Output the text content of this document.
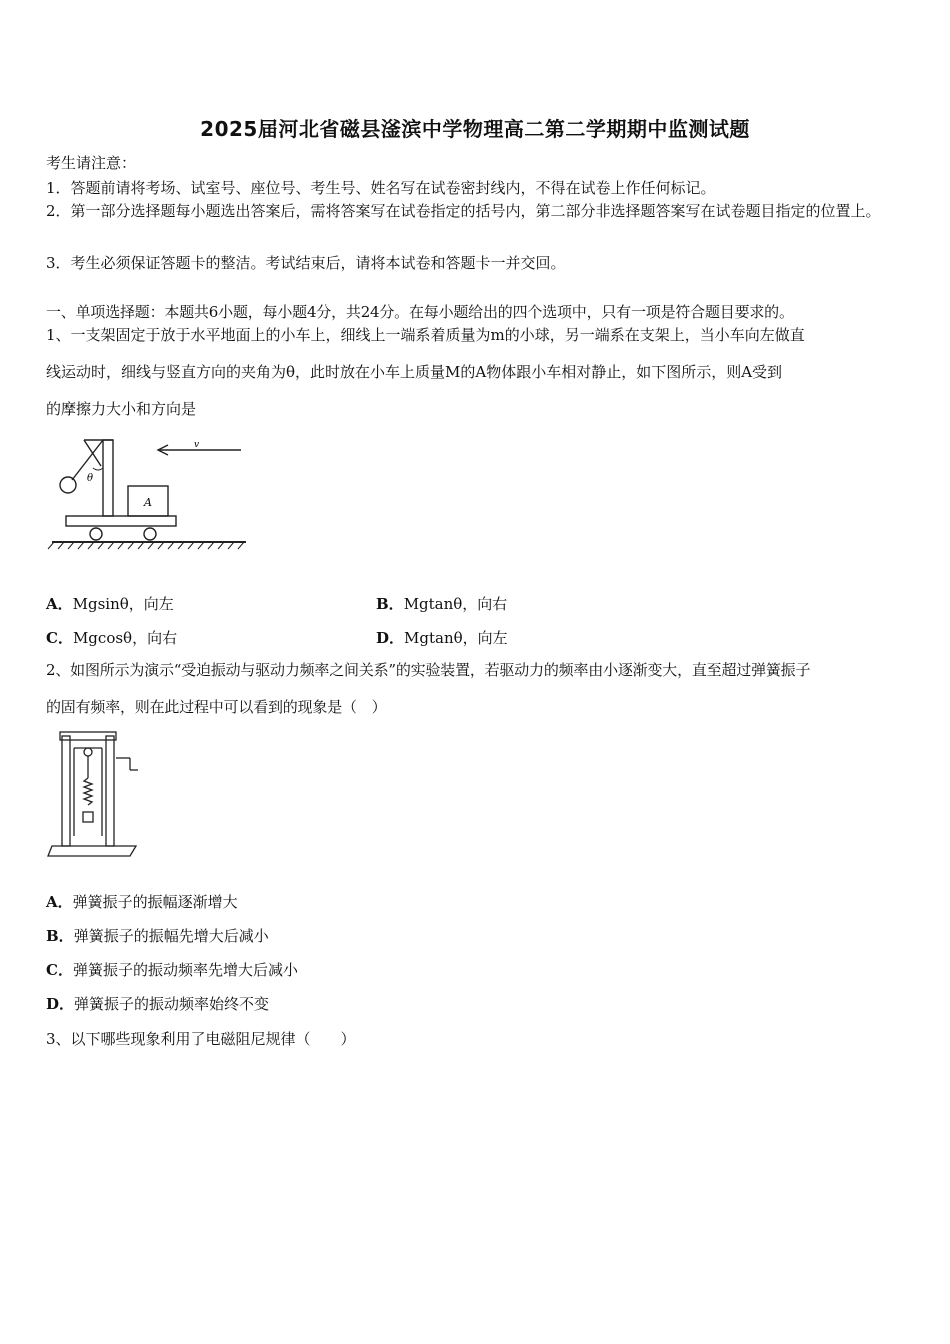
2025届河北省磁县滏滨中学物理高二第二学期期中监测试题
考生请注意：
1．答题前请将考场、试室号、座位号、考生号、姓名写在试卷密封线内，不得在试卷上作任何标记。
2．第一部分选择题每小题选出答案后，需将答案写在试卷指定的括号内，第二部分非选择题答案写在试卷题目指定的位置上。
3．考生必须保证答题卡的整洁。考试结束后，请将本试卷和答题卡一并交回。
一、单项选择题：本题共6小题，每小题4分，共24分。在每小题给出的四个选项中，只有一项是符合题目要求的。
1、一支架固定于放于水平地面上的小车上，细线上一端系着质量为m的小球，另一端系在支架上，当小车向左做直
线运动时，细线与竖直方向的夹角为θ，此时放在小车上质量M的A物体跟小车相对静止，如下图所示，则A受到
的摩擦力大小和方向是
θ
A
v
A．Mgsinθ，向左	B．Mgtanθ，向右
C．Mgcosθ，向右	D．Mgtanθ，向左
2、如图所示为演示“受迫振动与驱动力频率之间关系”的实验装置，若驱动力的频率由小逐渐变大，直至超过弹簧振子
的固有频率，则在此过程中可以看到的现象是（　）
A．弹簧振子的振幅逐渐增大
B．弹簧振子的振幅先增大后减小
C．弹簧振子的振动频率先增大后减小
D．弹簧振子的振动频率始终不变
3、以下哪些现象利用了电磁阻尼规律（　　）
